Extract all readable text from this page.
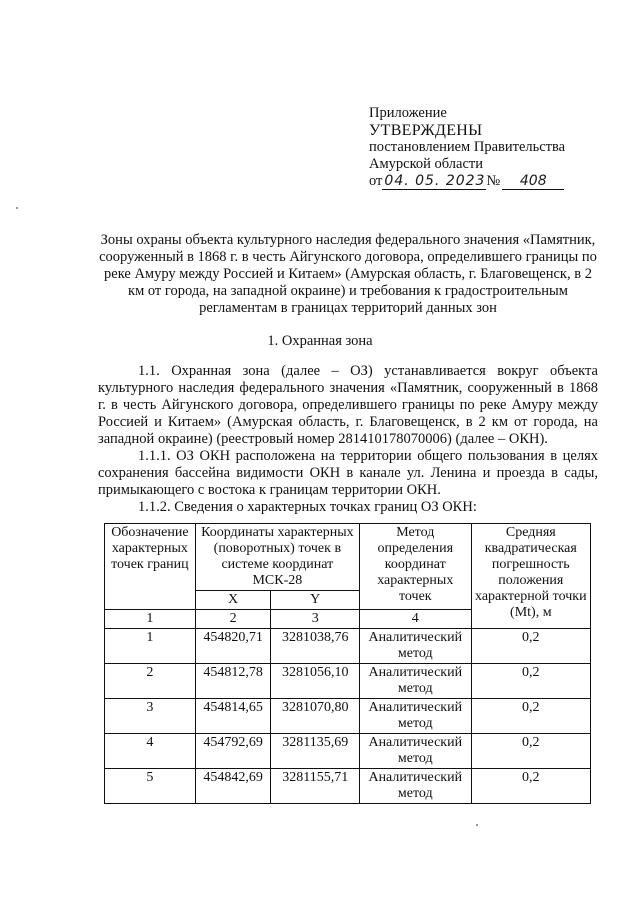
Приложение
УТВЕРЖДЕНЫ
постановлением Правительства
Амурской области
от 04. 05. 2023 №	408
Зоны охраны объекта культурного наследия федерального значения «Памятник, сооруженный в 1868 г. в честь Айгунского договора, определившего границы по реке Амуру между Россией и Китаем» (Амурская область, г. Благовещенск, в 2 км от города, на западной окраине) и требования к градостроительным регламентам в границах территорий данных зон
1. Охранная зона

1.1. Охранная зона (далее – ОЗ) устанавливается вокруг объекта культурного наследия федерального значения «Памятник, сооруженный в 1868 г. в честь Айгунского договора, определившего границы по реке Амуру между Россией и Китаем» (Амурская область, г. Благовещенск, в 2 км от города, на западной окраине) (реестровый номер 281410178070006) (далее – ОКН).

1.1.1. ОЗ ОКН расположена на территории общего пользования в целях сохранения бассейна видимости ОКН в канале ул. Ленина и проезда в сады, примыкающего с востока к границам территории ОКН.

1.1.2. Сведения о характерных точках границ ОЗ ОКН:

Обозначение характерных точек границ	Координаты характерных (поворотных) точек в системе координат МСК-28		Метод определения координат характерных точек	Средняя квадратическая погрешность положения характерной точки (Mt), м
	X	Y		
1	2	3	4	
1	454820,71	3281038,76	Аналитический метод	0,2
2	454812,78	3281056,10	Аналитический метод	0,2
3	454814,65	3281070,80	Аналитический метод	0,2
4	454792,69	3281135,69	Аналитический метод	0,2
5	454842,69	3281155,71	Аналитический метод	0,2
